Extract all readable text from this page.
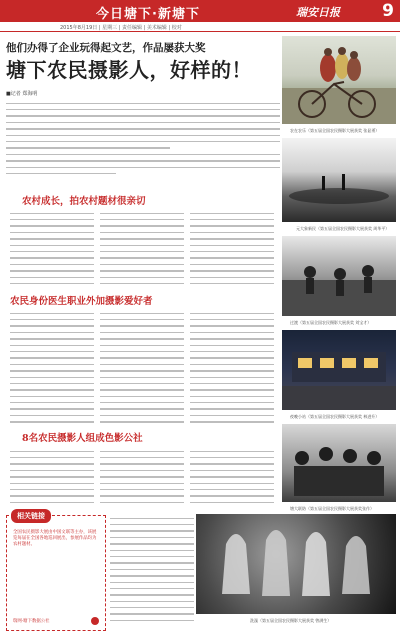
今日塘下·新塘下	瑞安日报 9
2015年8月19日 | 星期三 | 责任编辑 | 美术编辑 | 校对
他们办得了企业玩得起文艺，作品屡获大奖
塘下农民摄影人，好样的！
■记者 郑海明
农村成长，拍农村题材很亲切
农民身份医生职业外加摄影爱好者
8名农民摄影人组成色影公社
相关链接
全国农民摄影大展由中国文联等主办，该展览每届在全国各地巡回展出，参展作品均为农村题材。
瑞网·塘下数据公社
农在农乐（第五届全国农民摄影大展获奖 张显勇）
元大象新民（第五届全国农民摄影大展获奖 周华平）
过渡（第五届全国农民摄影大展获奖 刘宝才）
夜晚小站（第五届全国农民摄影大展获奖 林进升）
塘大联防（第五届全国农民摄影大展获奖张作）
洗澡（第五届全国农民摄影大展获奖 曾满生）
